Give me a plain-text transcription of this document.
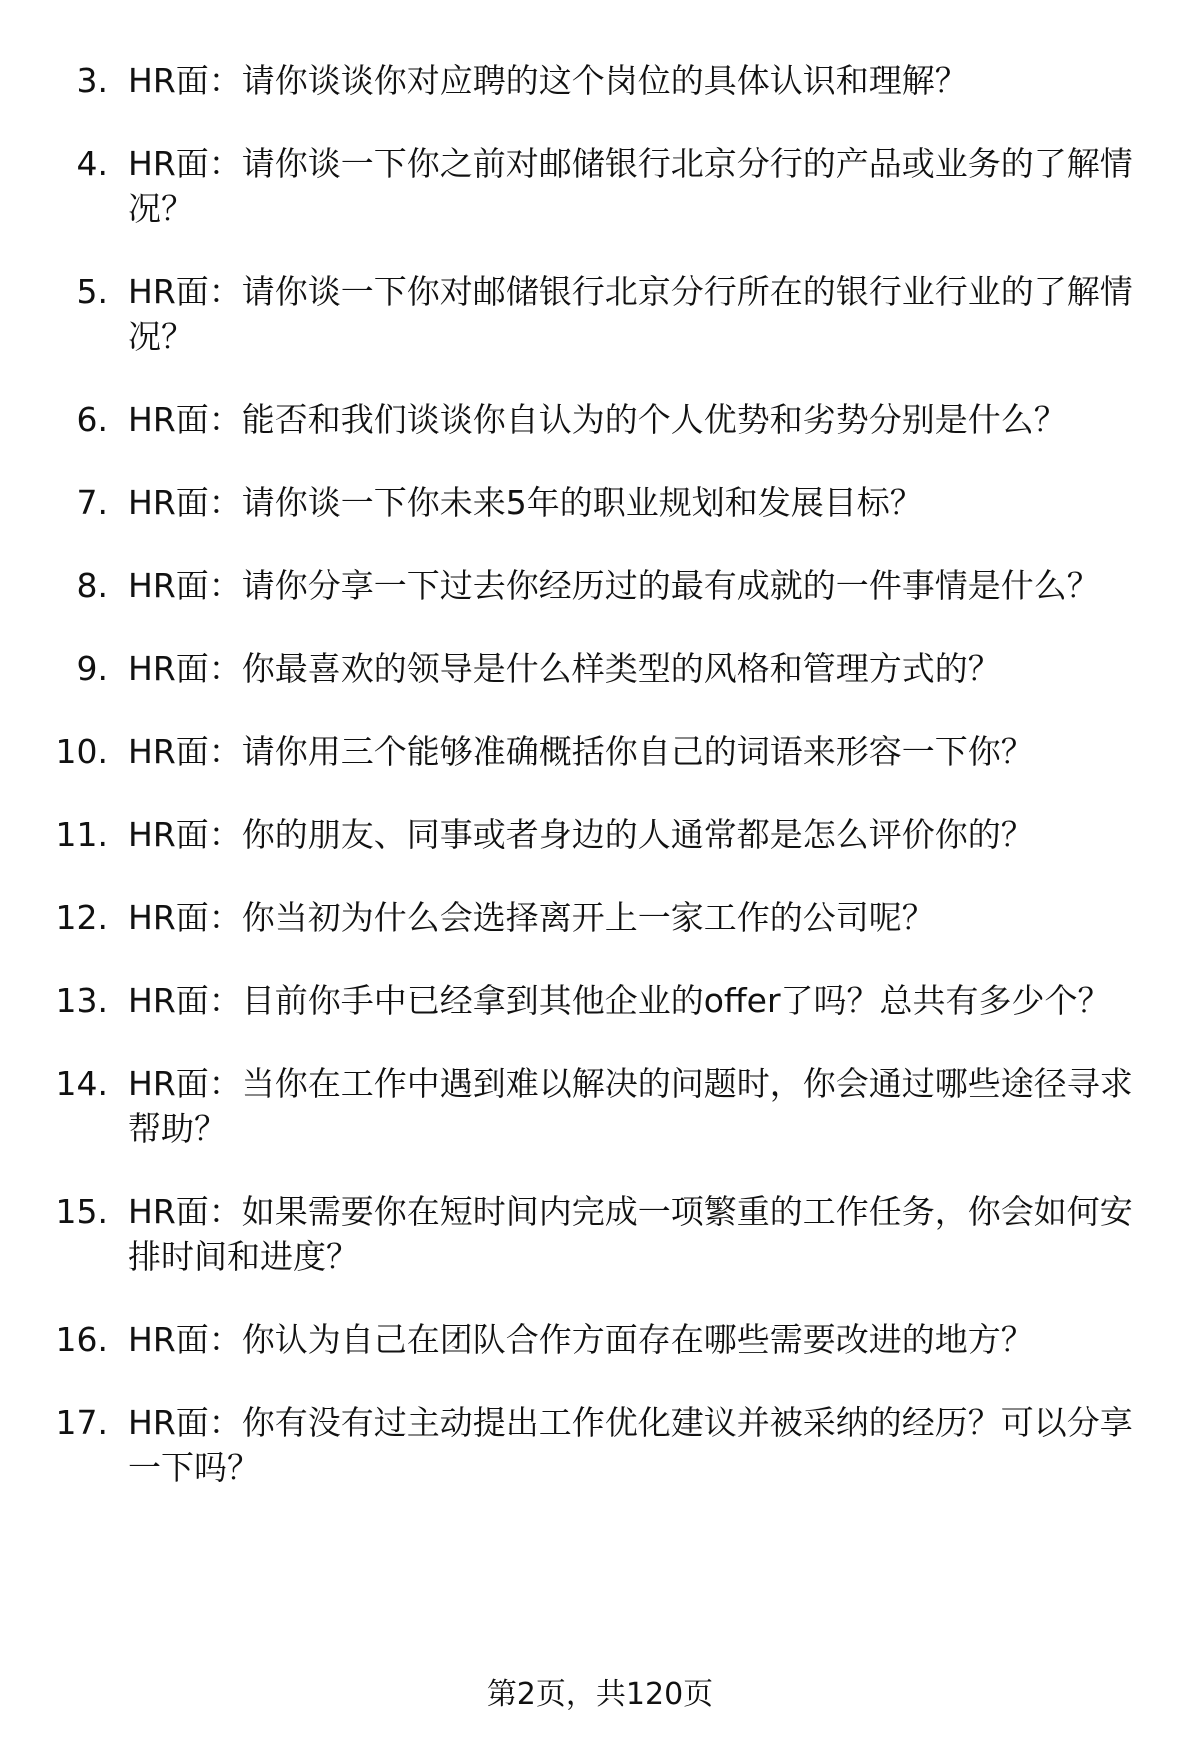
3. HR面：请你谈谈你对应聘的这个岗位的具体认识和理解？
4. HR面：请你谈一下你之前对邮储银行北京分行的产品或业务的了解情况？
5. HR面：请你谈一下你对邮储银行北京分行所在的银行业行业的了解情况？
6. HR面：能否和我们谈谈你自认为的个人优势和劣势分别是什么？
7. HR面：请你谈一下你未来5年的职业规划和发展目标？
8. HR面：请你分享一下过去你经历过的最有成就的一件事情是什么？
9. HR面：你最喜欢的领导是什么样类型的风格和管理方式的？
10. HR面：请你用三个能够准确概括你自己的词语来形容一下你？
11. HR面：你的朋友、同事或者身边的人通常都是怎么评价你的？
12. HR面：你当初为什么会选择离开上一家工作的公司呢？
13. HR面：目前你手中已经拿到其他企业的offer了吗？总共有多少个？
14. HR面：当你在工作中遇到难以解决的问题时，你会通过哪些途径寻求帮助？
15. HR面：如果需要你在短时间内完成一项繁重的工作任务，你会如何安排时间和进度？
16. HR面：你认为自己在团队合作方面存在哪些需要改进的地方？
17. HR面：你有没有过主动提出工作优化建议并被采纳的经历？可以分享一下吗？
第2页，共120页
